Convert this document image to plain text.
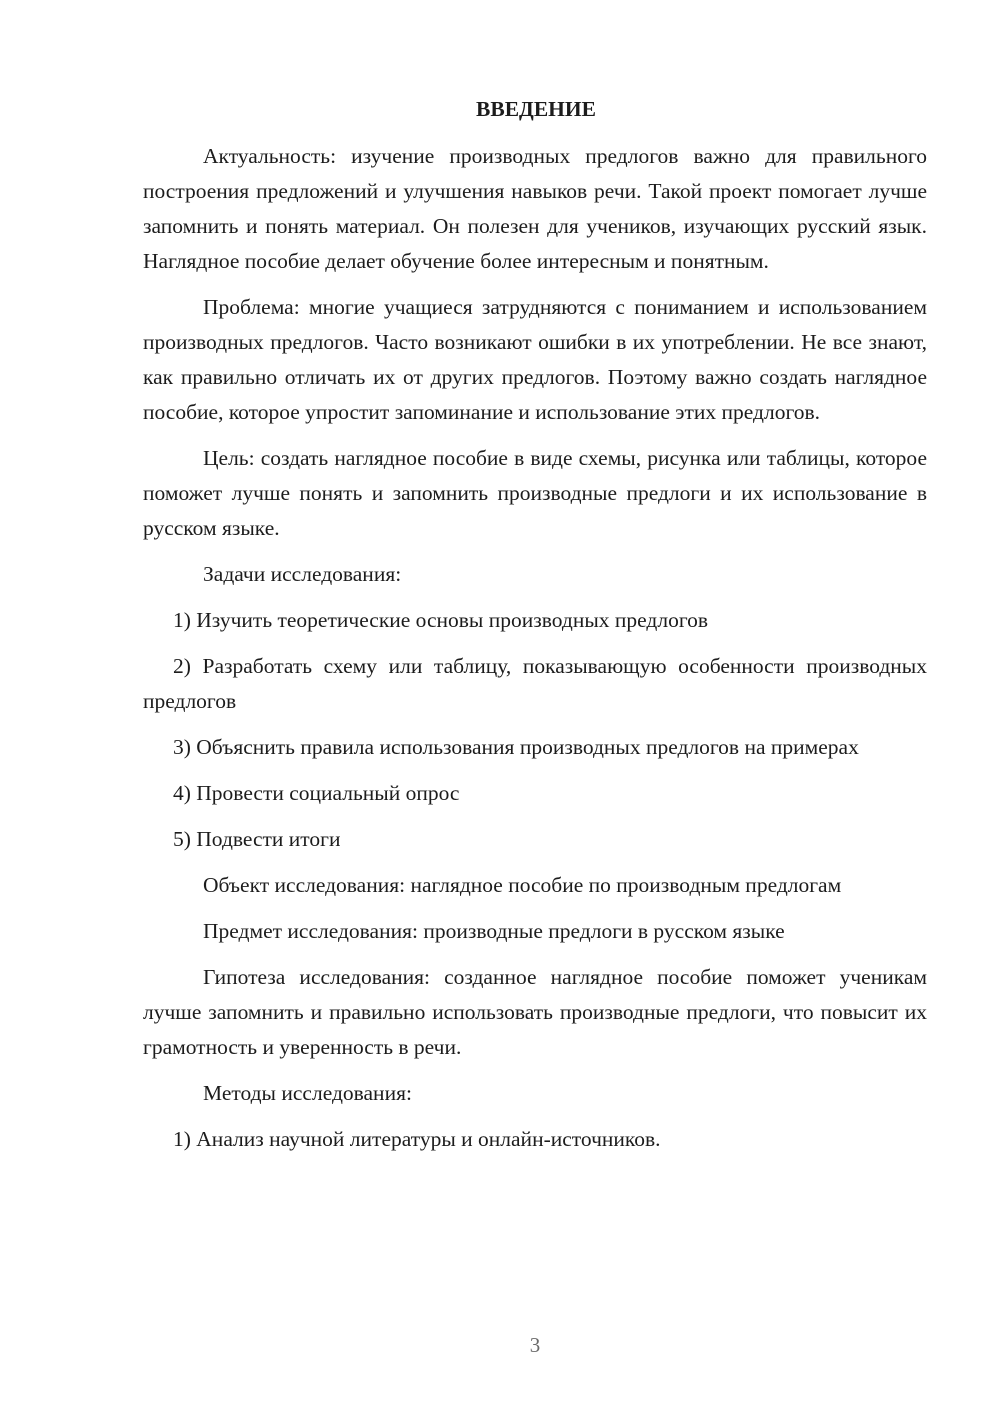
ВВЕДЕНИЕ

Актуальность: изучение производных предлогов важно для правильного построения предложений и улучшения навыков речи. Такой проект помогает лучше запомнить и понять материал. Он полезен для учеников, изучающих русский язык. Наглядное пособие делает обучение более интересным и понятным.

Проблема: многие учащиеся затрудняются с пониманием и использованием производных предлогов. Часто возникают ошибки в их употреблении. Не все знают, как правильно отличать их от других предлогов. Поэтому важно создать наглядное пособие, которое упростит запоминание и использование этих предлогов.

Цель: создать наглядное пособие в виде схемы, рисунка или таблицы, которое поможет лучше понять и запомнить производные предлоги и их использование в русском языке.

Задачи исследования:

1) Изучить теоретические основы производных предлогов

2) Разработать схему или таблицу, показывающую особенности производных предлогов

3) Объяснить правила использования производных предлогов на примерах

4) Провести социальный опрос

5) Подвести итоги

Объект исследования: наглядное пособие по производным предлогам

Предмет исследования: производные предлоги в русском языке

Гипотеза исследования: созданное наглядное пособие поможет ученикам лучше запомнить и правильно использовать производные предлоги, что повысит их грамотность и уверенность в речи.

Методы исследования:

1) Анализ научной литературы и онлайн-источников.

3
